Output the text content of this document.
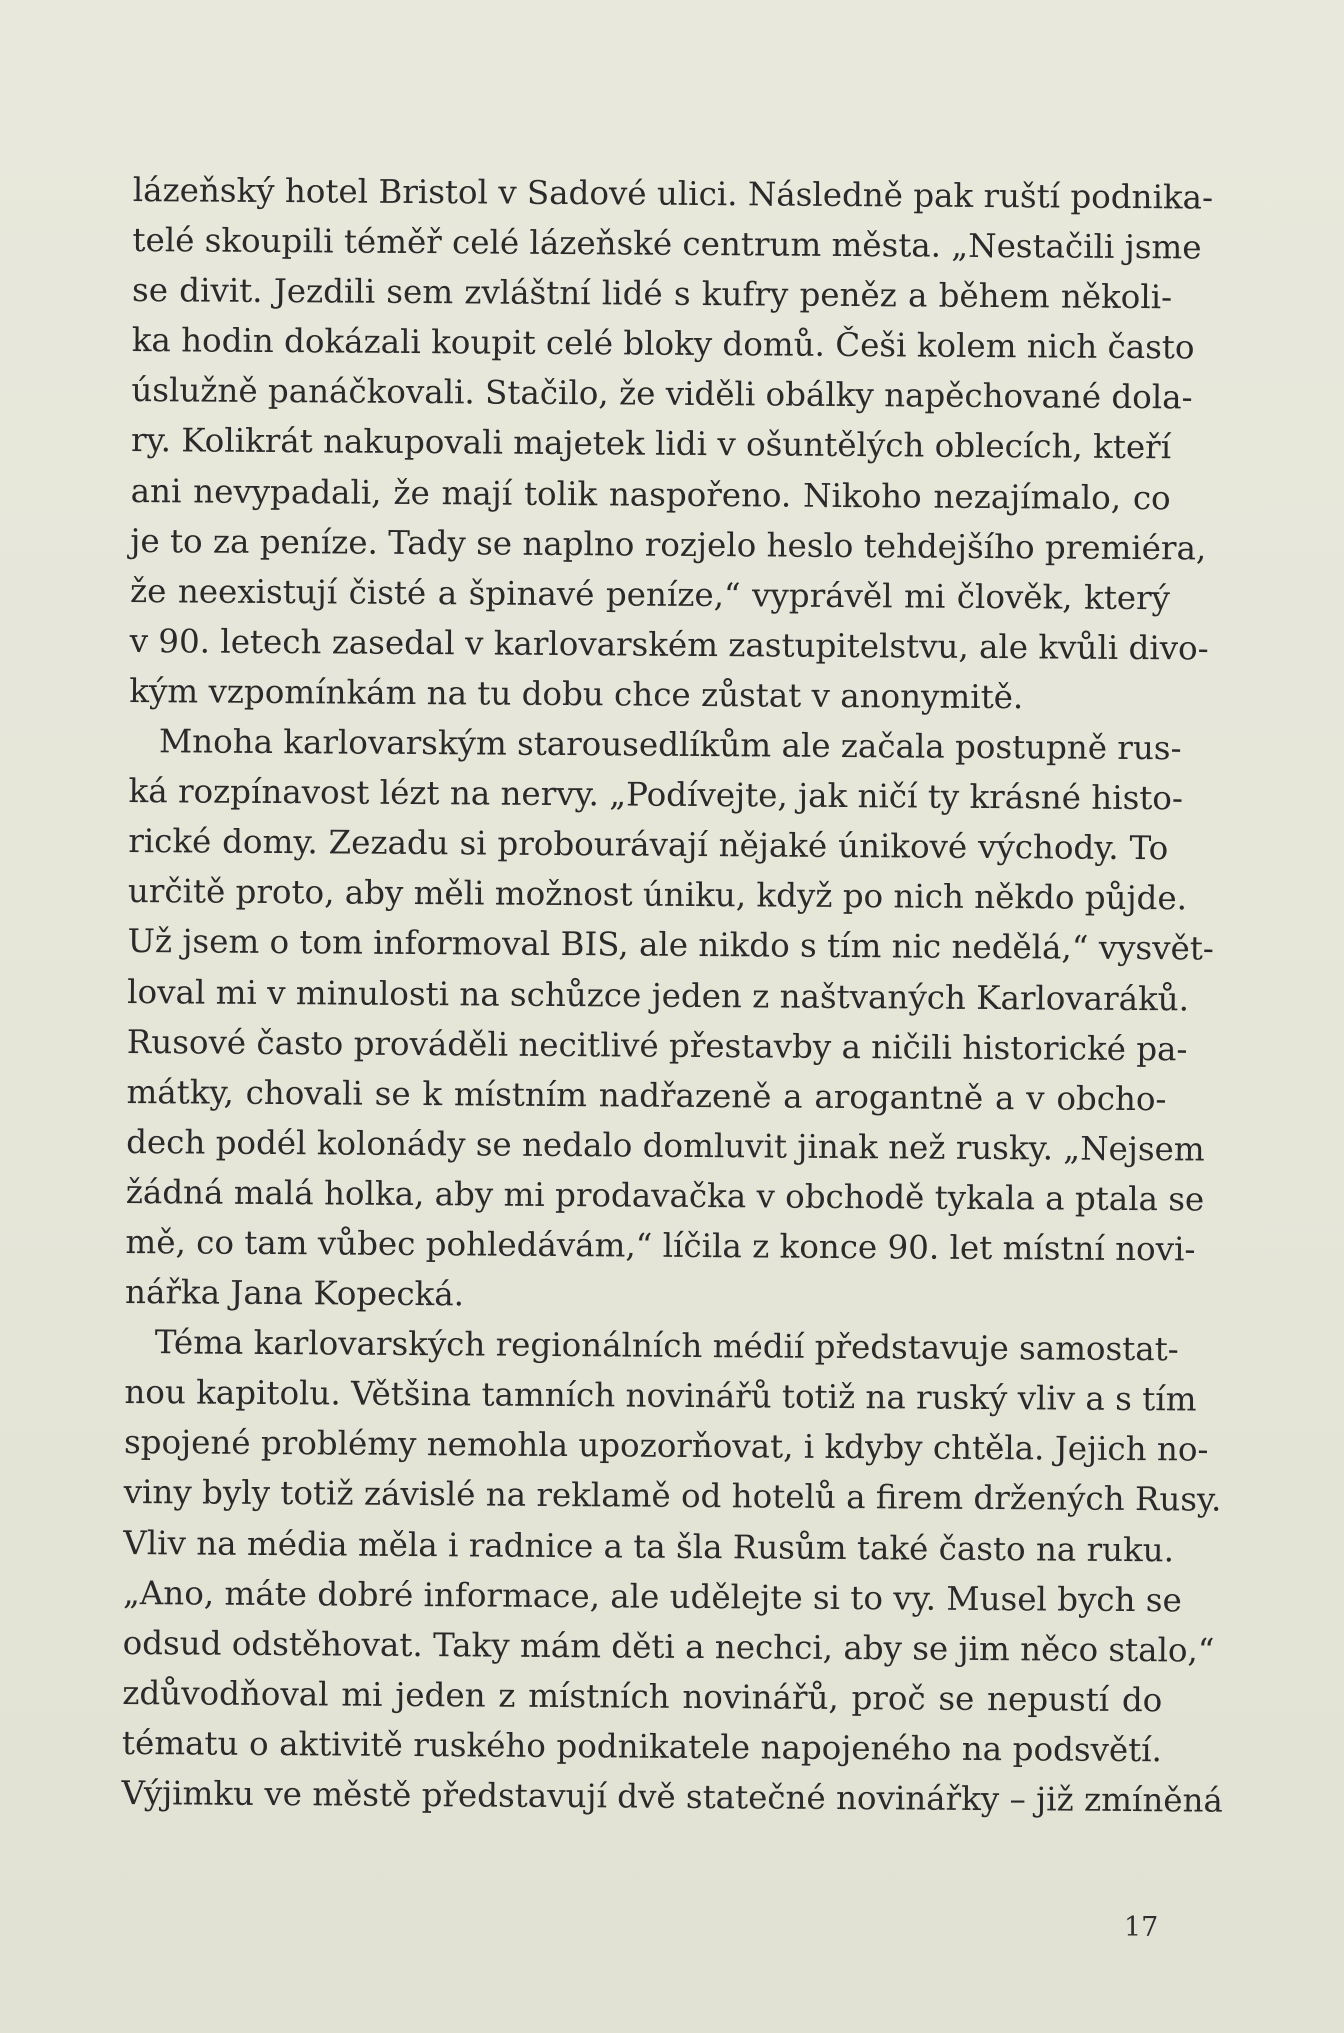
lázeňský hotel Bristol v Sadové ulici. Následně pak ruští podnika-
telé skoupili téměř celé lázeňské centrum města. „Nestačili jsme
se divit. Jezdili sem zvláštní lidé s kufry peněz a během několi-
ka hodin dokázali koupit celé bloky domů. Češi kolem nich často
úslužně panáčkovali. Stačilo, že viděli obálky napěchované dola-
ry. Kolikrát nakupovali majetek lidi v ošuntělých oblecích, kteří
ani nevypadali, že mají tolik naspořeno. Nikoho nezajímalo, co
je to za peníze. Tady se naplno rozjelo heslo tehdejšího premiéra,
že neexistují čisté a špinavé peníze,“ vyprávěl mi člověk, který
v 90. letech zasedal v karlovarském zastupitelstvu, ale kvůli divo-
kým vzpomínkám na tu dobu chce zůstat v anonymitě.
Mnoha karlovarským starousedlíkům ale začala postupně rus-
ká rozpínavost lézt na nervy. „Podívejte, jak ničí ty krásné histo-
rické domy. Zezadu si probourávají nějaké únikové východy. To
určitě proto, aby měli možnost úniku, když po nich někdo půjde.
Už jsem o tom informoval BIS, ale nikdo s tím nic nedělá,“ vysvět-
loval mi v minulosti na schůzce jeden z naštvaných Karlovaráků.
Rusové často prováděli necitlivé přestavby a ničili historické pa-
mátky, chovali se k místním nadřazeně a arogantně a v obcho-
dech podél kolonády se nedalo domluvit jinak než rusky. „Nejsem
žádná malá holka, aby mi prodavačka v obchodě tykala a ptala se
mě, co tam vůbec pohledávám,“ líčila z konce 90. let místní novi-
nářka Jana Kopecká.
Téma karlovarských regionálních médií představuje samostat-
nou kapitolu. Většina tamních novinářů totiž na ruský vliv a s tím
spojené problémy nemohla upozorňovat, i kdyby chtěla. Jejich no-
viny byly totiž závislé na reklamě od hotelů a firem držených Rusy.
Vliv na média měla i radnice a ta šla Rusům také často na ruku.
„Ano, máte dobré informace, ale udělejte si to vy. Musel bych se
odsud odstěhovat. Taky mám děti a nechci, aby se jim něco stalo,“
zdůvodňoval mi jeden z místních novinářů, proč se nepustí do
tématu o aktivitě ruského podnikatele napojeného na podsvětí.
Výjimku ve městě představují dvě statečné novinářky – již zmíněná
17
